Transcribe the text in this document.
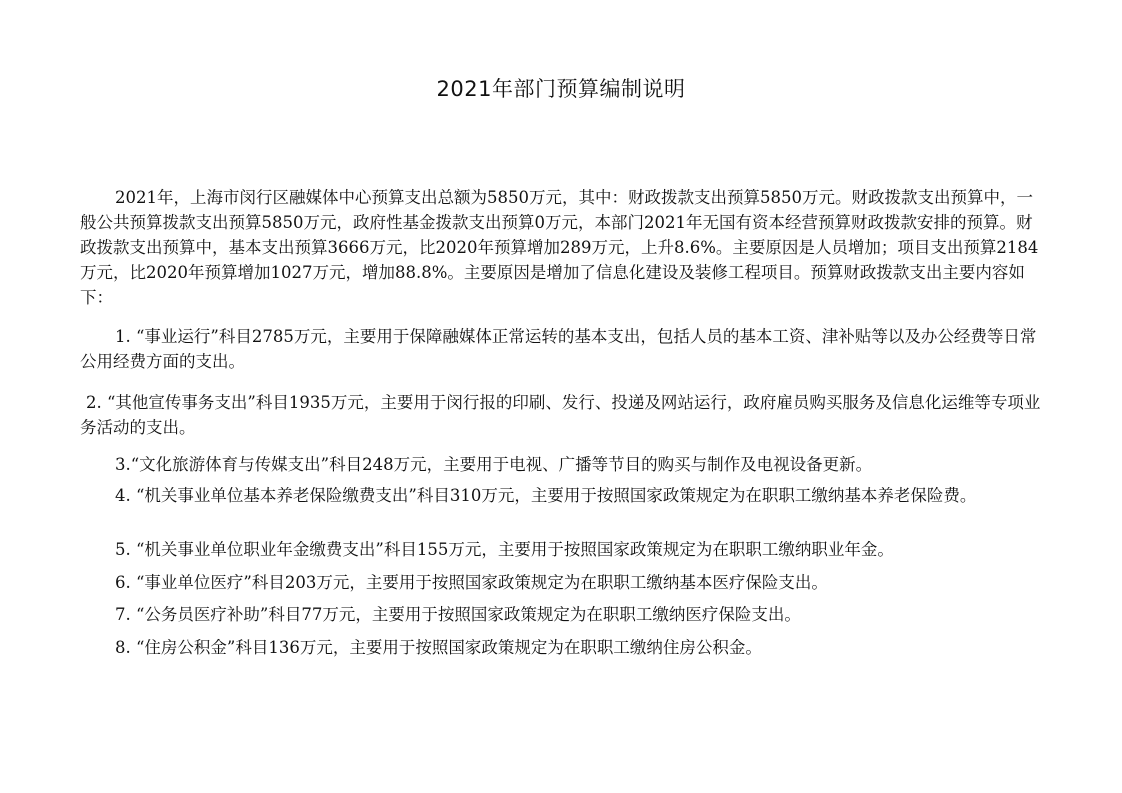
2021年部门预算编制说明

2021年，上海市闵行区融媒体中心预算支出总额为5850万元，其中：财政拨款支出预算5850万元。财政拨款支出预算中，一般公共预算拨款支出预算5850万元，政府性基金拨款支出预算0万元，本部门2021年无国有资本经营预算财政拨款安排的预算。财政拨款支出预算中，基本支出预算3666万元，比2020年预算增加289万元，上升8.6%。主要原因是人员增加；项目支出预算2184万元，比2020年预算增加1027万元，增加88.8%。主要原因是增加了信息化建设及装修工程项目。预算财政拨款支出主要内容如下：

1. “事业运行”科目2785万元，主要用于保障融媒体正常运转的基本支出，包括人员的基本工资、津补贴等以及办公经费等日常公用经费方面的支出。

2. “其他宣传事务支出”科目1935万元，主要用于闵行报的印刷、发行、投递及网站运行，政府雇员购买服务及信息化运维等专项业务活动的支出。

3.“文化旅游体育与传媒支出”科目248万元，主要用于电视、广播等节目的购买与制作及电视设备更新。

4. “机关事业单位基本养老保险缴费支出”科目310万元，主要用于按照国家政策规定为在职职工缴纳基本养老保险费。

5. “机关事业单位职业年金缴费支出”科目155万元，主要用于按照国家政策规定为在职职工缴纳职业年金。

6. “事业单位医疗”科目203万元，主要用于按照国家政策规定为在职职工缴纳基本医疗保险支出。

7. “公务员医疗补助”科目77万元，主要用于按照国家政策规定为在职职工缴纳医疗保险支出。

8. “住房公积金”科目136万元，主要用于按照国家政策规定为在职职工缴纳住房公积金。
